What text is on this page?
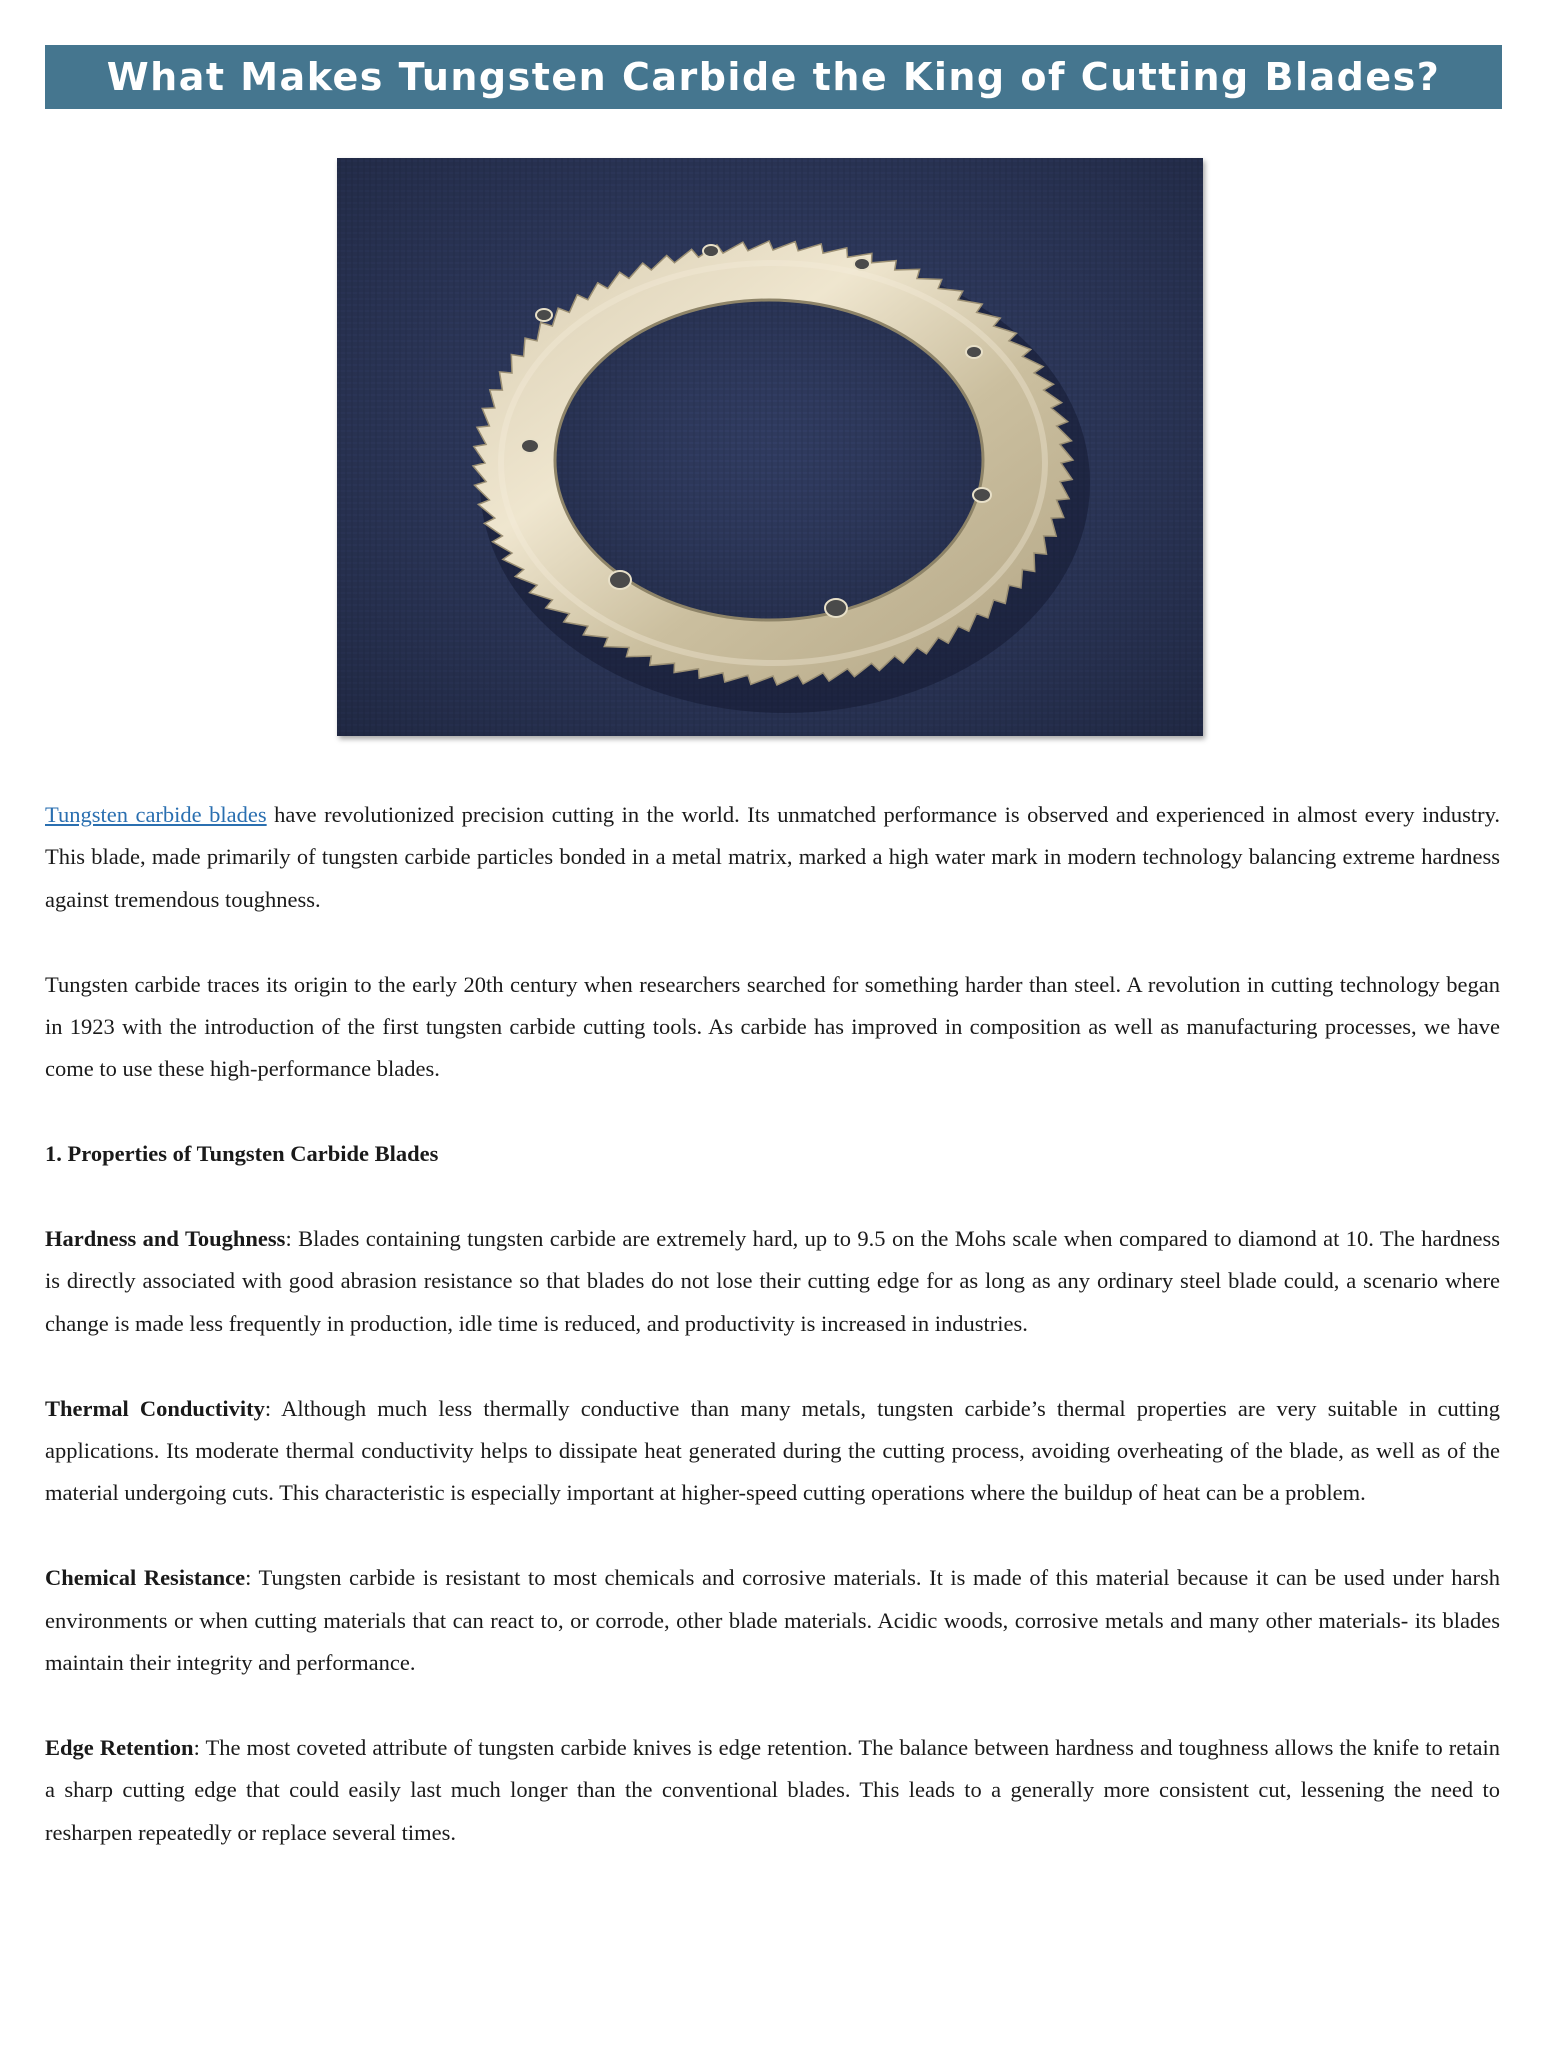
What Makes Tungsten Carbide the King of Cutting Blades?

Tungsten carbide blades have revolutionized precision cutting in the world. Its unmatched performance is observed and experienced in almost every industry. This blade, made primarily of tungsten carbide particles bonded in a metal matrix, marked a high water mark in modern technology balancing extreme hardness against tremendous toughness.

Tungsten carbide traces its origin to the early 20th century when researchers searched for something harder than steel. A revolution in cutting technology began in 1923 with the introduction of the first tungsten carbide cutting tools. As carbide has improved in composition as well as manufacturing processes, we have come to use these high-performance blades.

1. Properties of Tungsten Carbide Blades

Hardness and Toughness: Blades containing tungsten carbide are extremely hard, up to 9.5 on the Mohs scale when compared to diamond at 10. The hardness is directly associated with good abrasion resistance so that blades do not lose their cutting edge for as long as any ordinary steel blade could, a scenario where change is made less frequently in production, idle time is reduced, and productivity is increased in industries.

Thermal Conductivity: Although much less thermally conductive than many metals, tungsten carbide’s thermal properties are very suitable in cutting applications. Its moderate thermal conductivity helps to dissipate heat generated during the cutting process, avoiding overheating of the blade, as well as of the material undergoing cuts. This characteristic is especially important at higher-speed cutting operations where the buildup of heat can be a problem.

Chemical Resistance: Tungsten carbide is resistant to most chemicals and corrosive materials. It is made of this material because it can be used under harsh environments or when cutting materials that can react to, or corrode, other blade materials. Acidic woods, corrosive metals and many other materials- its blades maintain their integrity and performance.

Edge Retention: The most coveted attribute of tungsten carbide knives is edge retention. The balance between hardness and toughness allows the knife to retain a sharp cutting edge that could easily last much longer than the conventional blades. This leads to a generally more consistent cut, lessening the need to resharpen repeatedly or replace several times.
